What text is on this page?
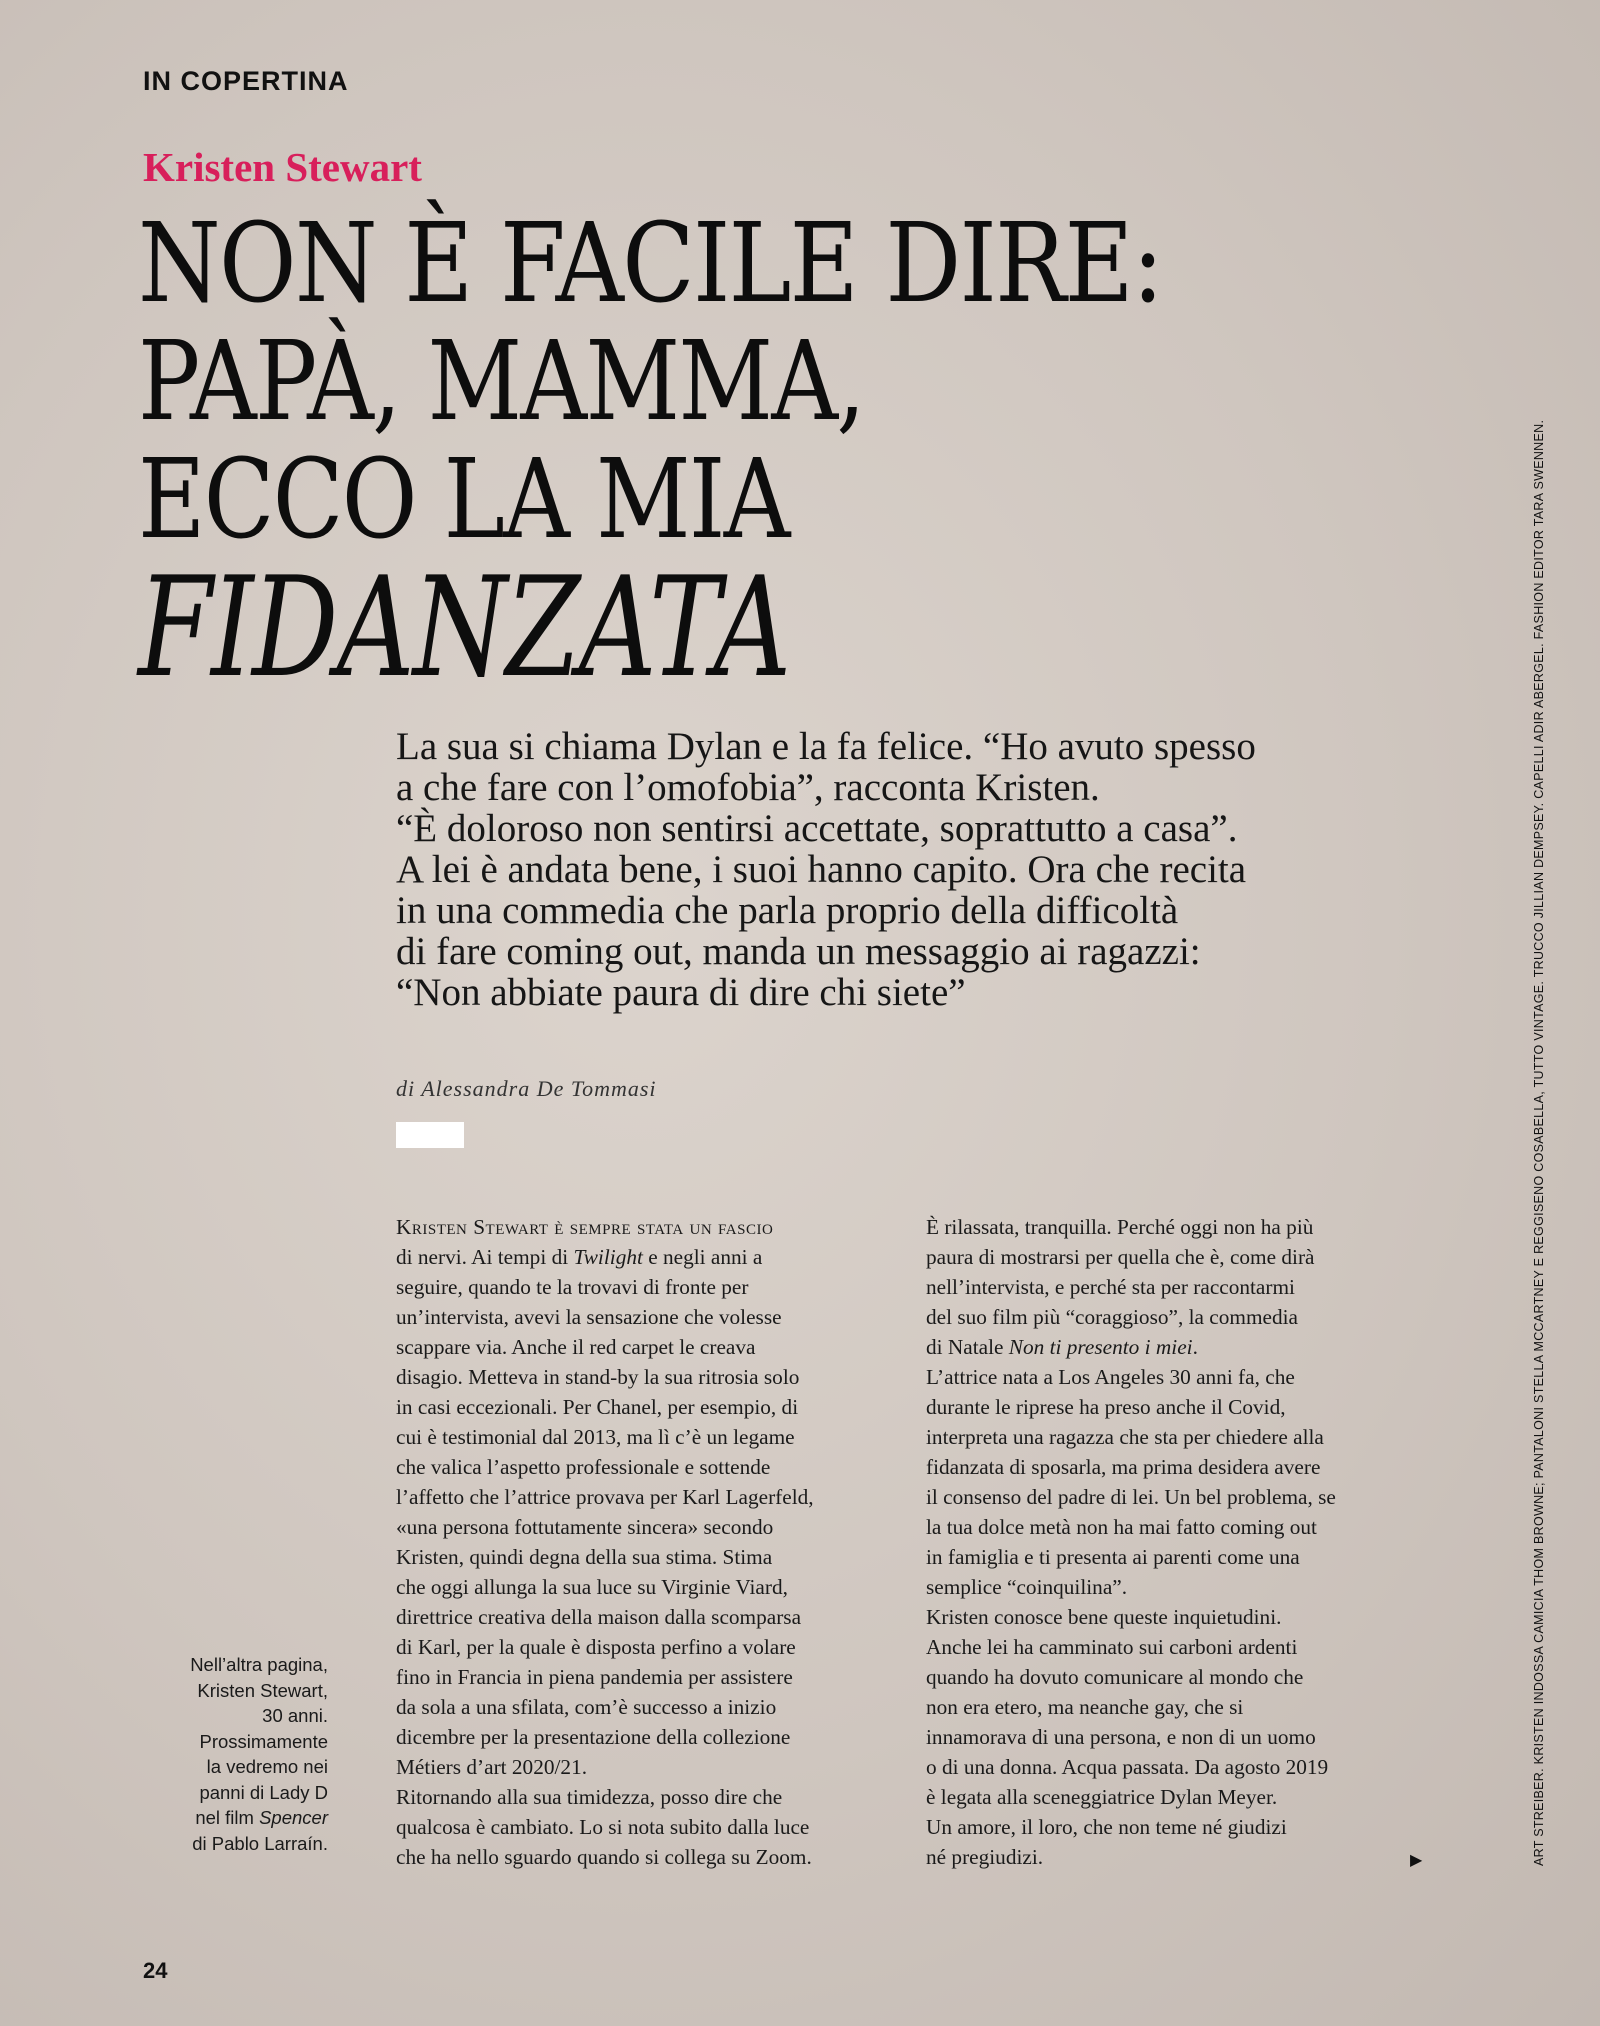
IN COPERTINA
Kristen Stewart
NON È FACILE DIRE:
PAPÀ, MAMMA,
ECCO LA MIA
FIDANZATA
La sua si chiama Dylan e la fa felice. “Ho avuto spesso
a che fare con l’omofobia”, racconta Kristen.
“È doloroso non sentirsi accettate, soprattutto a casa”.
A lei è andata bene, i suoi hanno capito. Ora che recita
in una commedia che parla proprio della difficoltà
di fare coming out, manda un messaggio ai ragazzi:
“Non abbiate paura di dire chi siete”
di Alessandra De Tommasi
Kristen Stewart è sempre stata un fascio
di nervi. Ai tempi di Twilight e negli anni a
seguire, quando te la trovavi di fronte per
un’intervista, avevi la sensazione che volesse
scappare via. Anche il red carpet le creava
disagio. Metteva in stand-by la sua ritrosia solo
in casi eccezionali. Per Chanel, per esempio, di
cui è testimonial dal 2013, ma lì c’è un legame
che valica l’aspetto professionale e sottende
l’affetto che l’attrice provava per Karl Lagerfeld,
«una persona fottutamente sincera» secondo
Kristen, quindi degna della sua stima. Stima
che oggi allunga la sua luce su Virginie Viard,
direttrice creativa della maison dalla scomparsa
di Karl, per la quale è disposta perfino a volare
fino in Francia in piena pandemia per assistere
da sola a una sfilata, com’è successo a inizio
dicembre per la presentazione della collezione
Métiers d’art 2020/21.
Ritornando alla sua timidezza, posso dire che
qualcosa è cambiato. Lo si nota subito dalla luce
che ha nello sguardo quando si collega su Zoom.
È rilassata, tranquilla. Perché oggi non ha più
paura di mostrarsi per quella che è, come dirà
nell’intervista, e perché sta per raccontarmi
del suo film più “coraggioso”, la commedia
di Natale Non ti presento i miei.
L’attrice nata a Los Angeles 30 anni fa, che
durante le riprese ha preso anche il Covid,
interpreta una ragazza che sta per chiedere alla
fidanzata di sposarla, ma prima desidera avere
il consenso del padre di lei. Un bel problema, se
la tua dolce metà non ha mai fatto coming out
in famiglia e ti presenta ai parenti come una
semplice “coinquilina”.
Kristen conosce bene queste inquietudini.
Anche lei ha camminato sui carboni ardenti
quando ha dovuto comunicare al mondo che
non era etero, ma neanche gay, che si
innamorava di una persona, e non di un uomo
o di una donna. Acqua passata. Da agosto 2019
è legata alla sceneggiatrice Dylan Meyer.
Un amore, il loro, che non teme né giudizi
né pregiudizi.	▶
Nell’altra pagina,
Kristen Stewart,
30 anni.
Prossimamente
la vedremo nei
panni di Lady D
nel film Spencer
di Pablo Larraín.
24
ART STREIBER. KRISTEN INDOSSA CAMICIA THOM BROWNE; PANTALONI STELLA MCCARTNEY E REGGISENO COSABELLA, TUTTO VINTAGE. TRUCCO JILLIAN DEMPSEY. CAPELLI ADIR ABERGEL. FASHION EDITOR TARA SWENNEN.
